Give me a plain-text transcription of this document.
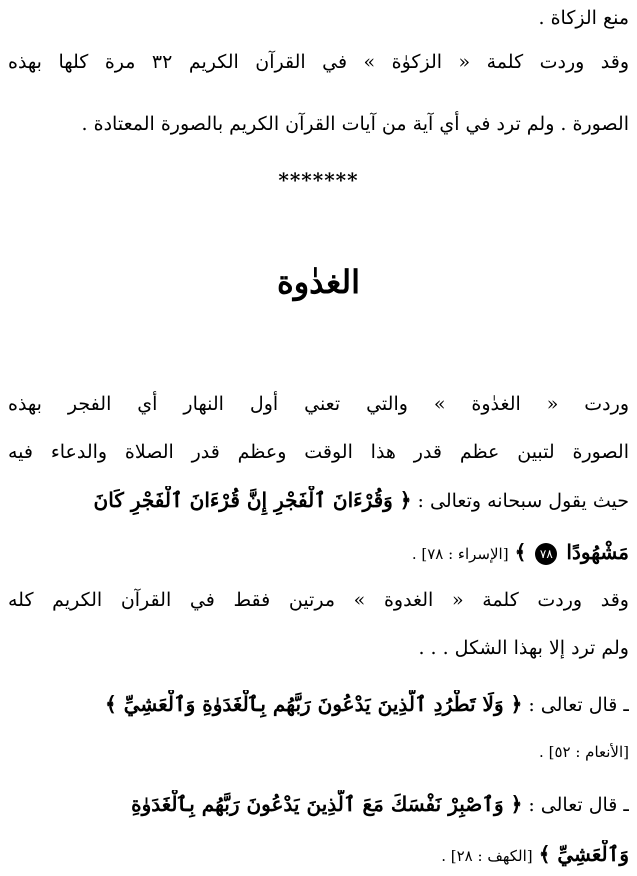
منع الزكاة .
وقد وردت كلمة « الزكوٰة » في القرآن الكريم ٣٢ مرة كلها بهذه
الصورة . ولم ترد في أي آية من آيات القرآن الكريم بالصورة المعتادة .
*******
الغدٰوة
وردت « الغدٰوة » والتي تعني أول النهار أي الفجر بهذه
الصورة لتبين عظم قدر هذا الوقت وعظم قدر الصلاة والدعاء فيه
حيث يقول سبحانه وتعالى : ﴿ وَقُرْءَانَ ٱلْفَجْرِ إِنَّ قُرْءَانَ ٱلْفَجْرِ كَانَ
مَشْهُودًا ٧٨ ﴾ [الإسراء : ٧٨] .
وقد وردت كلمة « الغدوة » مرتين فقط في القرآن الكريم كله
ولم ترد إلا بهذا الشكل . . .
ـ قال تعالى : ﴿ وَلَا تَطْرُدِ ٱلَّذِينَ يَدْعُونَ رَبَّهُم بِٱلْغَدَوٰةِ وَٱلْعَشِيِّ ﴾
[الأنعام : ٥٢] .
ـ قال تعالى : ﴿ وَٱصْبِرْ نَفْسَكَ مَعَ ٱلَّذِينَ يَدْعُونَ رَبَّهُم بِٱلْغَدَوٰةِ
وَٱلْعَشِيِّ ﴾ [الكهف : ٢٨] .
